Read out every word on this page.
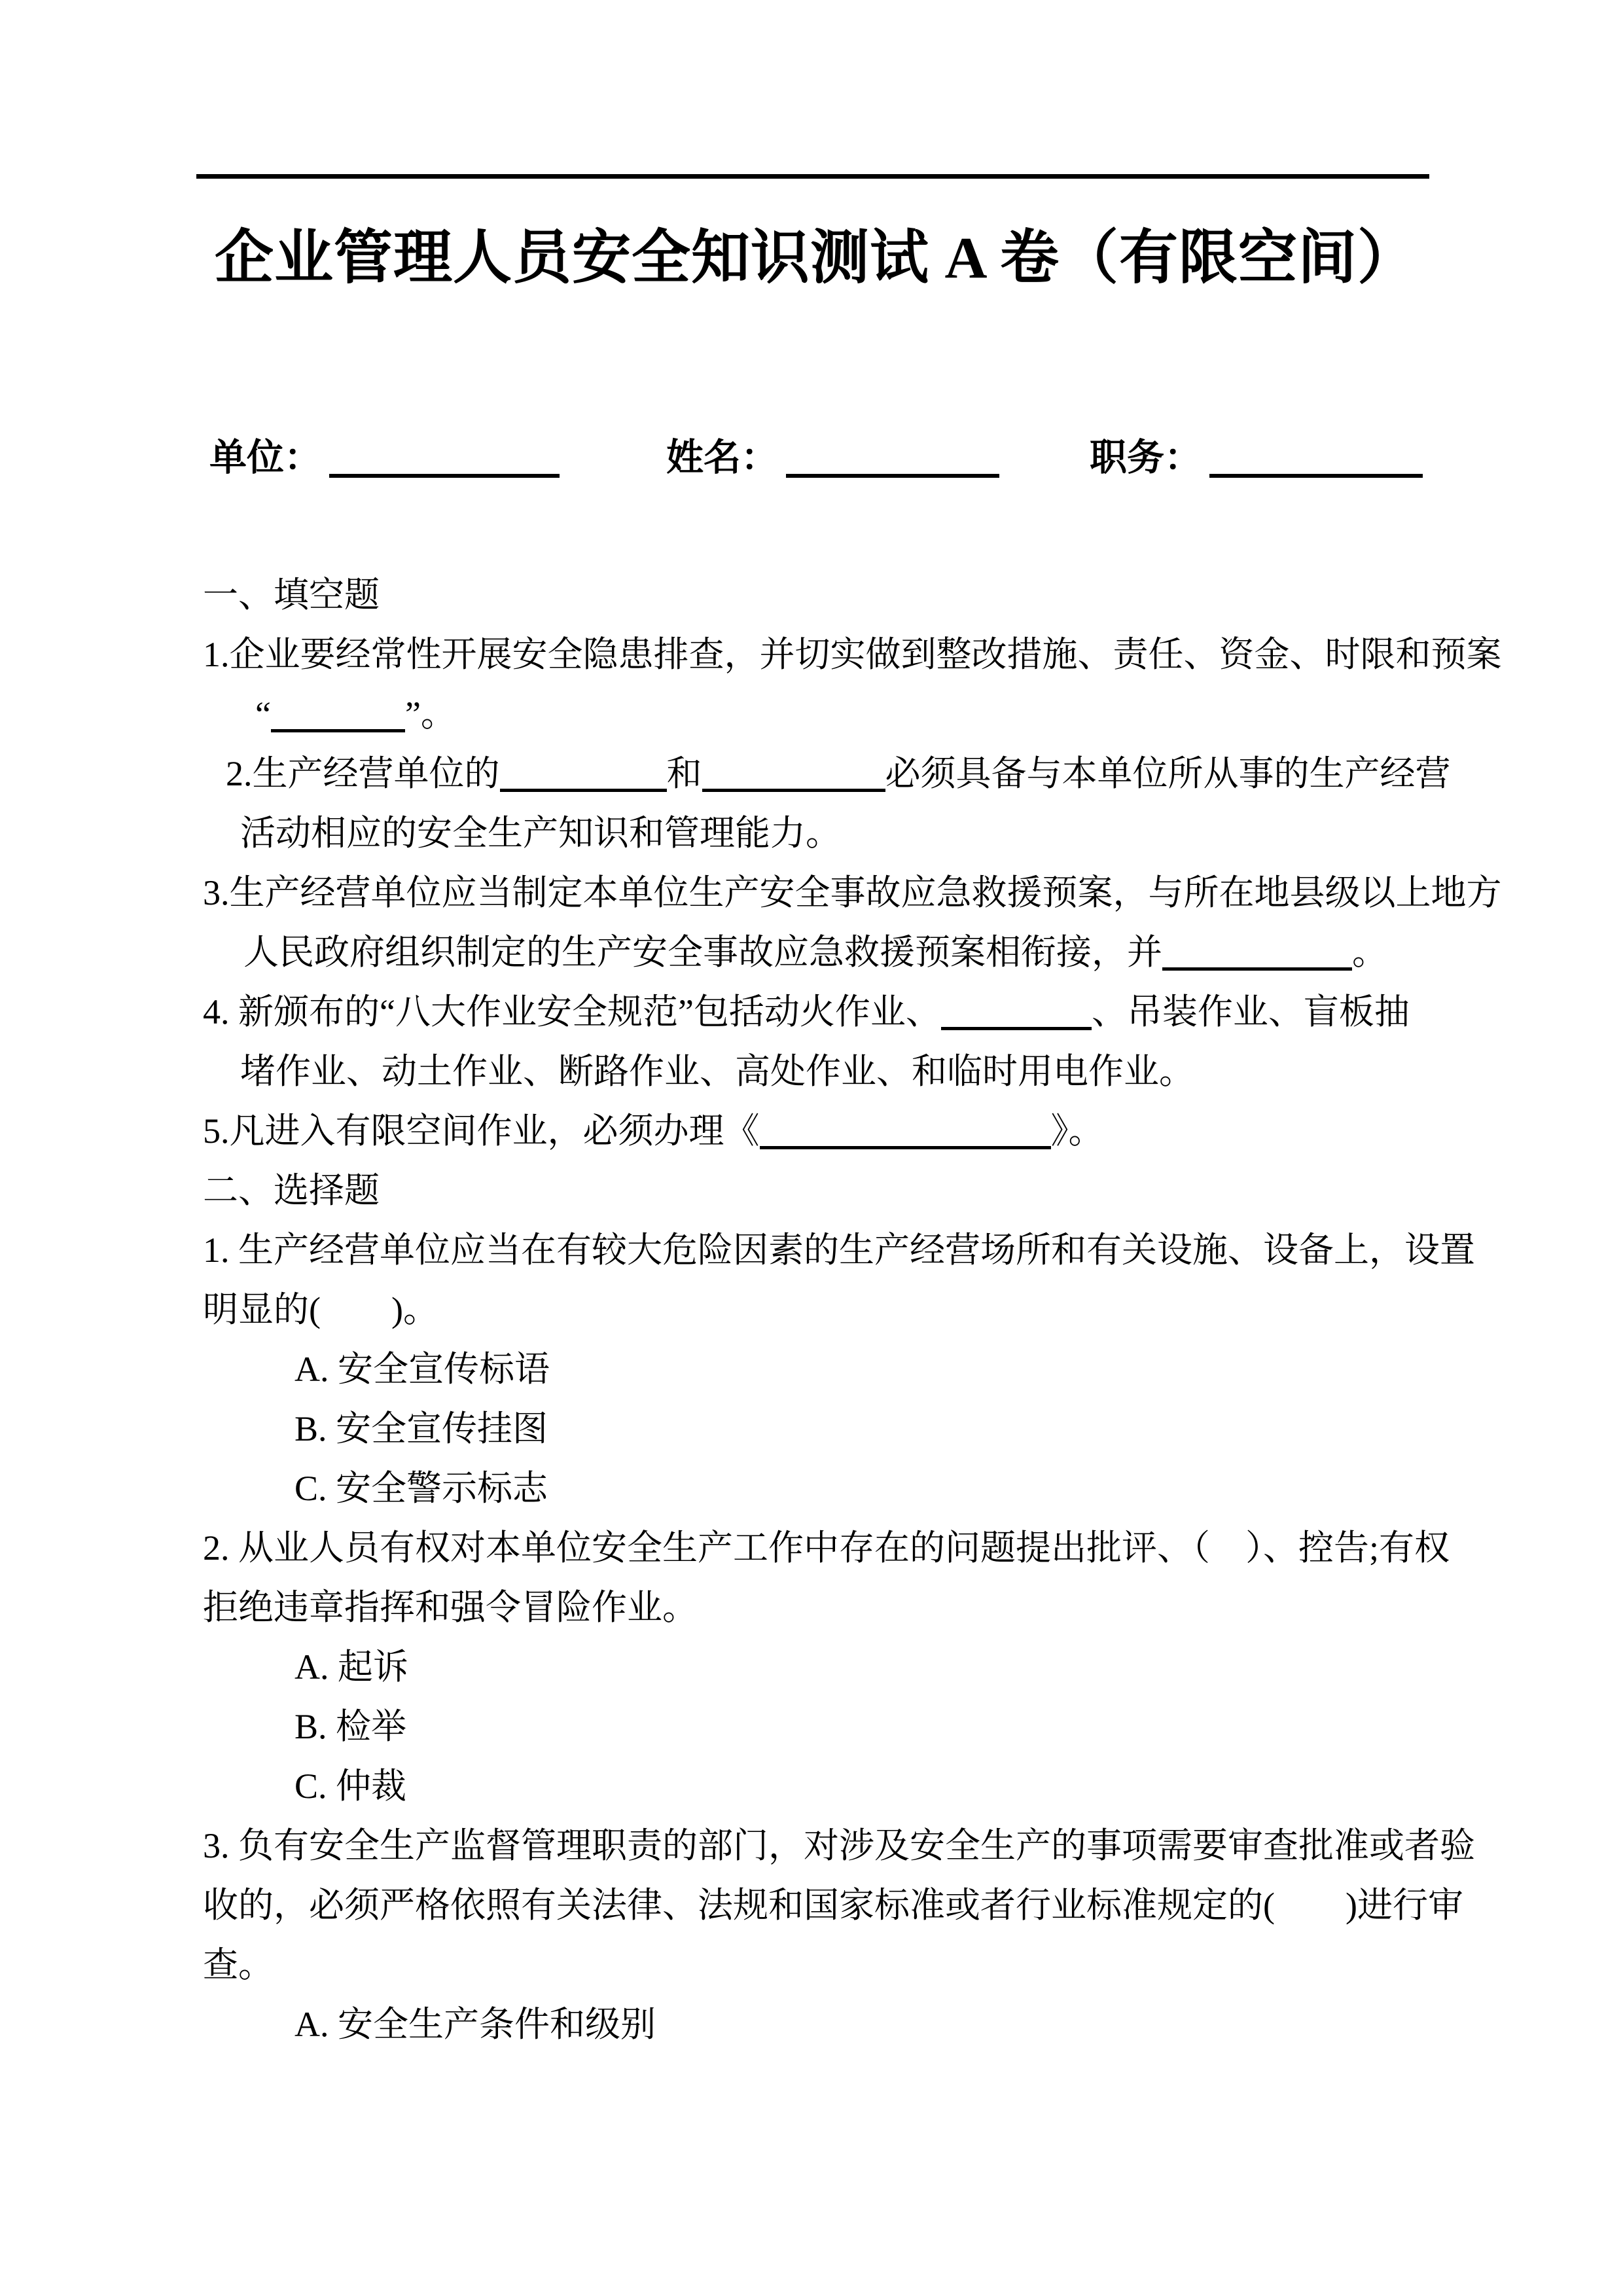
企业管理人员安全知识测试 A 卷（有限空间）
单位：	姓名：	职务：
一、填空题
1.企业要经常性开展安全隐患排查，并切实做到整改措施、责任、资金、时限和预案
“	”。
2.生产经营单位的	和	必须具备与本单位所从事的生产经营
活动相应的安全生产知识和管理能力。
3.生产经营单位应当制定本单位生产安全事故应急救援预案，与所在地县级以上地方
人民政府组织制定的生产安全事故应急救援预案相衔接，并	。
4. 新颁布的“八大作业安全规范”包括动火作业、	、吊装作业、盲板抽
堵作业、动土作业、断路作业、高处作业、和临时用电作业。
5.凡进入有限空间作业，必须办理《	》。
二、选择题
1. 生产经营单位应当在有较大危险因素的生产经营场所和有关设施、设备上，设置
明显的(　　)。
A. 安全宣传标语
B. 安全宣传挂图
C. 安全警示标志
2. 从业人员有权对本单位安全生产工作中存在的问题提出批评、（　）、控告;有权
拒绝违章指挥和强令冒险作业。
A. 起诉
B. 检举
C. 仲裁
3. 负有安全生产监督管理职责的部门，对涉及安全生产的事项需要审查批准或者验
收的，必须严格依照有关法律、法规和国家标准或者行业标准规定的(　　)进行审
查。
A. 安全生产条件和级别
